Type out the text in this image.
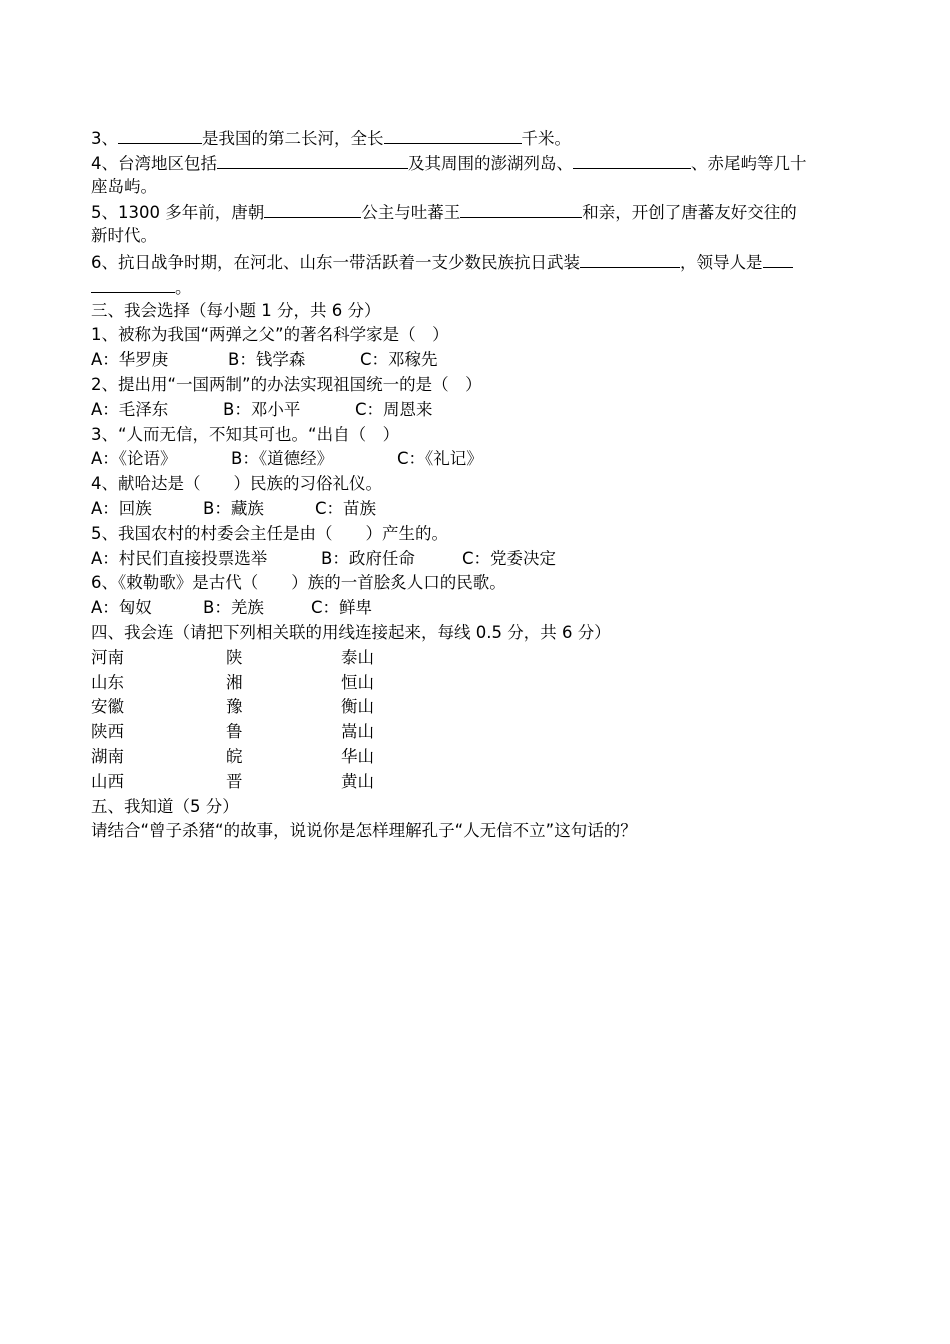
3、	是我国的第二长河，全长	千米。
4、台湾地区包括	及其周围的澎湖列岛、	、赤尾屿等几十
座岛屿。
5、1300 多年前，唐朝	公主与吐蕃王	和亲，开创了唐蕃友好交往的
新时代。
6、抗日战争时期，在河北、山东一带活跃着一支少数民族抗日武装	，领导人是
。
三、我会选择（每小题 1 分，共 6 分）
1、被称为我国“两弹之父”的著名科学家是（　）
A：华罗庚	B：钱学森	C：邓稼先
2、提出用“一国两制”的办法实现祖国统一的是（　）
A：毛泽东	B：邓小平	C：周恩来
3、“人而无信，不知其可也。“出自（　）
A：《论语》	B：《道德经》	C：《礼记》
4、献哈达是（　　）民族的习俗礼仪。
A：回族	B：藏族	C：苗族
5、我国农村的村委会主任是由（　　）产生的。
A：村民们直接投票选举	B：政府任命	C：党委决定
6、《敕勒歌》是古代（　　）族的一首脍炙人口的民歌。
A：匈奴	B：羌族	C：鲜卑
四、我会连（请把下列相关联的用线连接起来，每线 0.5 分，共 6 分）
河南	陕	泰山
山东	湘	恒山
安徽	豫	衡山
陕西	鲁	嵩山
湖南	皖	华山
山西	晋	黄山
五、我知道（5 分）
请结合“曾子杀猪“的故事，说说你是怎样理解孔子“人无信不立”这句话的？
